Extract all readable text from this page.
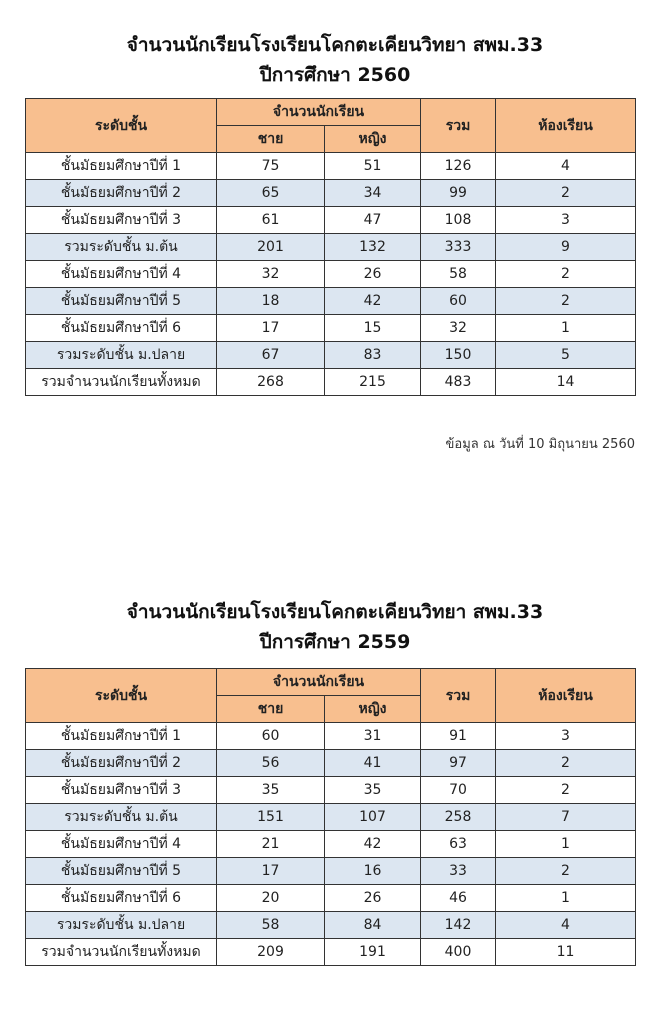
จำนวนนักเรียนโรงเรียนโคกตะเคียนวิทยา สพม.33
ปีการศึกษา 2560
ระดับชั้น	จำนวนนักเรียน		รวม	ห้องเรียน
	ชาย	หญิง		
ชั้นมัธยมศึกษาปีที่ 1	75	51	126	4
ชั้นมัธยมศึกษาปีที่ 2	65	34	99	2
ชั้นมัธยมศึกษาปีที่ 3	61	47	108	3
รวมระดับชั้น ม.ต้น	201	132	333	9
ชั้นมัธยมศึกษาปีที่ 4	32	26	58	2
ชั้นมัธยมศึกษาปีที่ 5	18	42	60	2
ชั้นมัธยมศึกษาปีที่ 6	17	15	32	1
รวมระดับชั้น ม.ปลาย	67	83	150	5
รวมจำนวนนักเรียนทั้งหมด	268	215	483	14
ข้อมูล ณ วันที่ 10 มิถุนายน 2560
จำนวนนักเรียนโรงเรียนโคกตะเคียนวิทยา สพม.33
ปีการศึกษา 2559
ระดับชั้น	จำนวนนักเรียน		รวม	ห้องเรียน
	ชาย	หญิง		
ชั้นมัธยมศึกษาปีที่ 1	60	31	91	3
ชั้นมัธยมศึกษาปีที่ 2	56	41	97	2
ชั้นมัธยมศึกษาปีที่ 3	35	35	70	2
รวมระดับชั้น ม.ต้น	151	107	258	7
ชั้นมัธยมศึกษาปีที่ 4	21	42	63	1
ชั้นมัธยมศึกษาปีที่ 5	17	16	33	2
ชั้นมัธยมศึกษาปีที่ 6	20	26	46	1
รวมระดับชั้น ม.ปลาย	58	84	142	4
รวมจำนวนนักเรียนทั้งหมด	209	191	400	11
